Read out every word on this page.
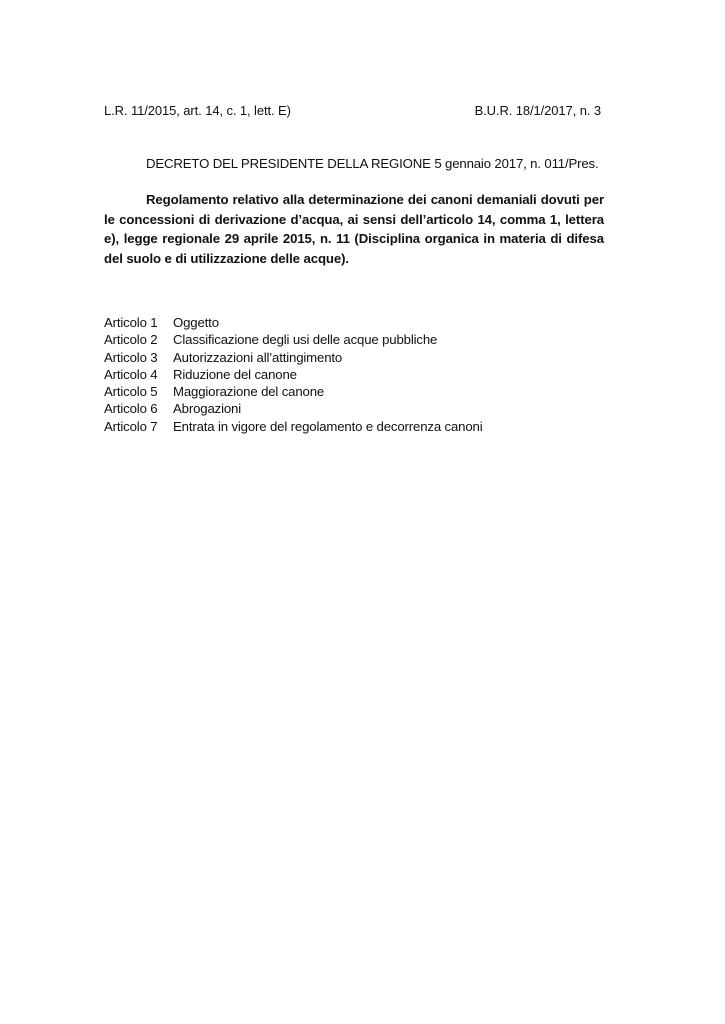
L.R. 11/2015, art. 14, c. 1, lett. E)	B.U.R. 18/1/2017, n. 3
DECRETO DEL PRESIDENTE DELLA REGIONE 5 gennaio 2017, n. 011/Pres.
Regolamento relativo alla determinazione dei canoni demaniali dovuti per le concessioni di derivazione d’acqua, ai sensi dell’articolo 14, comma 1, lettera e), legge regionale 29 aprile 2015, n. 11 (Disciplina organica in materia di difesa del suolo e di utilizzazione delle acque).
Articolo 1	Oggetto
Articolo 2	Classificazione degli usi delle acque pubbliche
Articolo 3	Autorizzazioni all’attingimento
Articolo 4	Riduzione del canone
Articolo 5	Maggiorazione del canone
Articolo 6	Abrogazioni
Articolo 7	Entrata in vigore del regolamento e decorrenza canoni
